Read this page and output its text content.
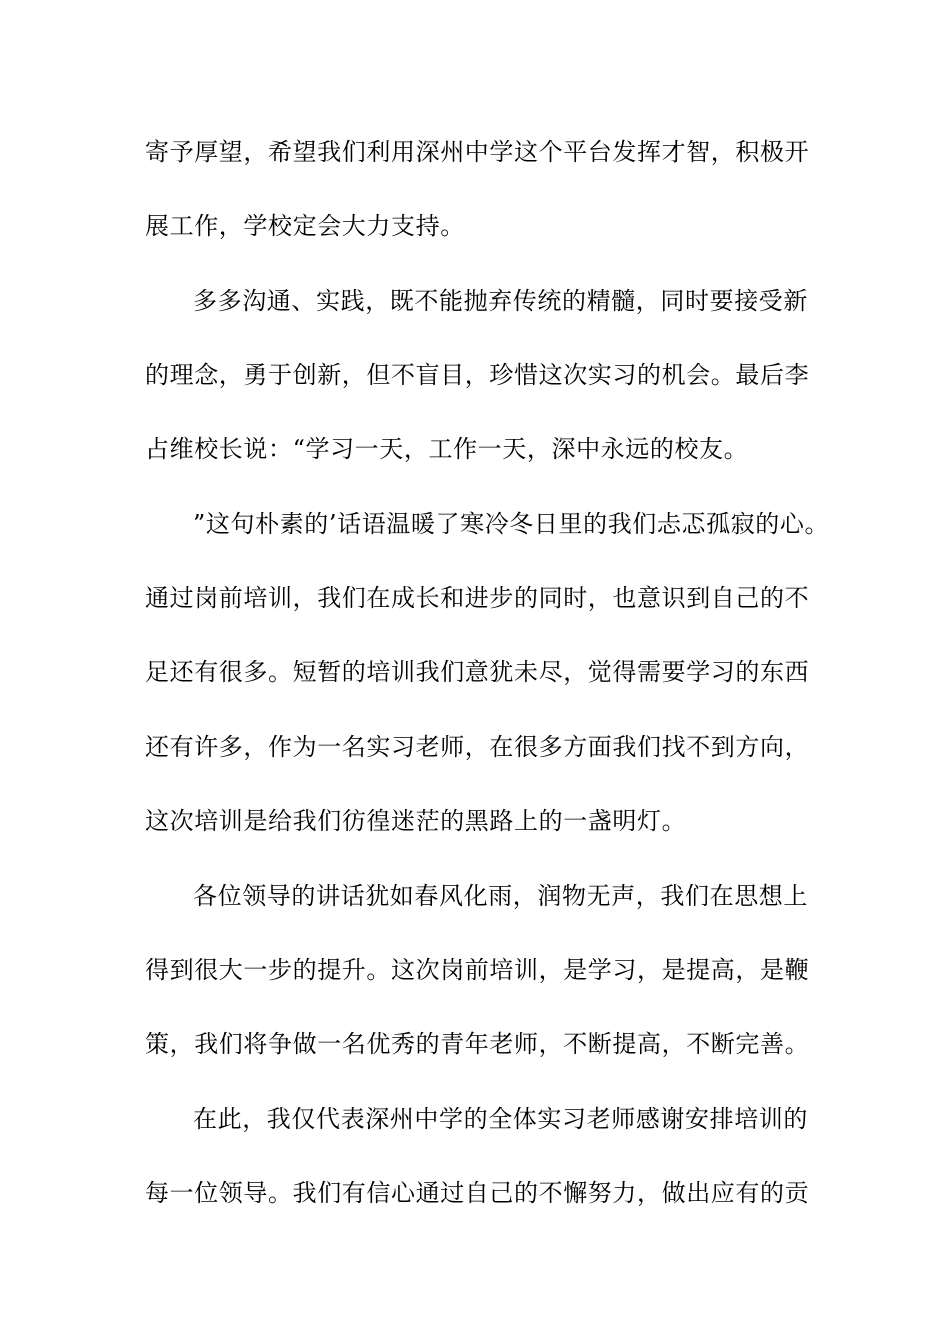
寄予厚望，希望我们利用深州中学这个平台发挥才智，积极开
展工作，学校定会大力支持。
多多沟通、实践，既不能抛弃传统的精髓，同时要接受新
的理念，勇于创新，但不盲目，珍惜这次实习的机会。最后李
占维校长说：“学习一天，工作一天，深中永远的校友。
”这句朴素的’话语温暖了寒冷冬日里的我们忐忑孤寂的心。
通过岗前培训，我们在成长和进步的同时，也意识到自己的不
足还有很多。短暂的培训我们意犹未尽，觉得需要学习的东西
还有许多，作为一名实习老师，在很多方面我们找不到方向，
这次培训是给我们彷徨迷茫的黑路上的一盏明灯。
各位领导的讲话犹如春风化雨，润物无声，我们在思想上
得到很大一步的提升。这次岗前培训，是学习，是提高，是鞭
策，我们将争做一名优秀的青年老师，不断提高，不断完善。
在此，我仅代表深州中学的全体实习老师感谢安排培训的
每一位领导。我们有信心通过自己的不懈努力，做出应有的贡
